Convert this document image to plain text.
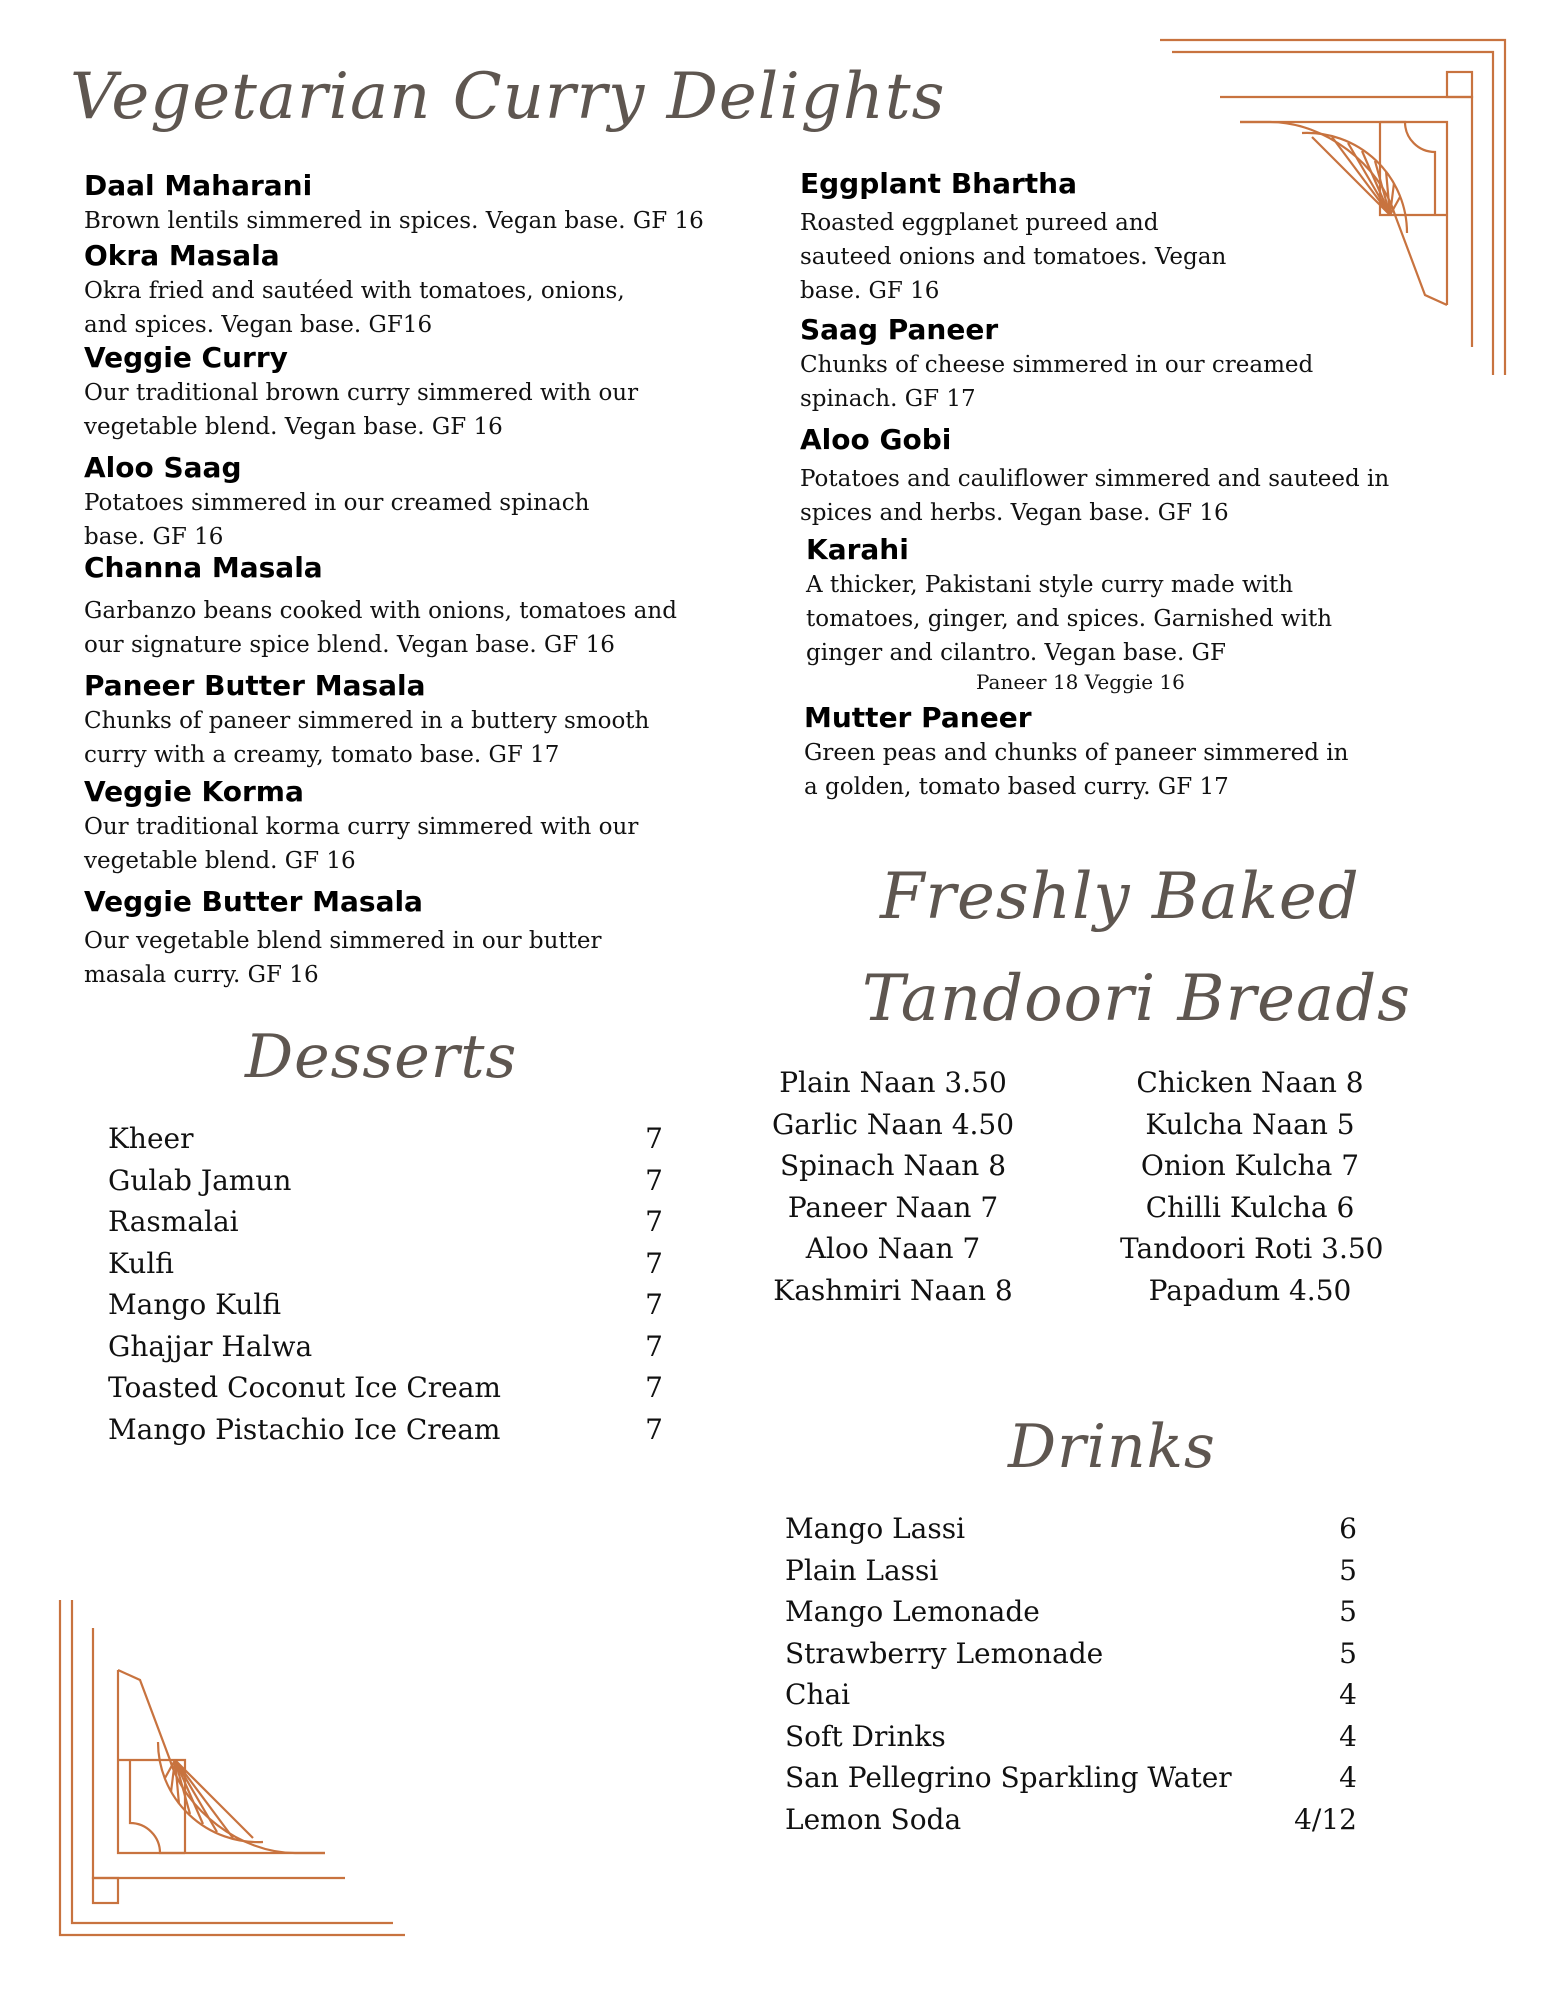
Vegetarian Curry Delights
Daal Maharani
Brown lentils simmered in spices. Vegan base. GF 16
Okra Masala
Okra fried and sautéed with tomatoes, onions,
and spices. Vegan base. GF16
Veggie Curry
Our traditional brown curry simmered with our
vegetable blend. Vegan base. GF 16
Aloo Saag
Potatoes simmered in our creamed spinach
base. GF 16
Channa Masala
Garbanzo beans cooked with onions, tomatoes and
our signature spice blend. Vegan base. GF 16
Paneer Butter Masala
Chunks of paneer simmered in a buttery smooth
curry with a creamy, tomato base. GF 17
Veggie Korma
Our traditional korma curry simmered with our
vegetable blend. GF 16
Veggie Butter Masala
Our vegetable blend simmered in our butter
masala curry. GF 16
Eggplant Bhartha
Roasted eggplanet pureed and
sauteed onions and tomatoes. Vegan
base. GF 16
Saag Paneer
Chunks of cheese simmered in our creamed
spinach. GF 17
Aloo Gobi
Potatoes and cauliflower simmered and sauteed in
spices and herbs. Vegan base. GF 16
Karahi
A thicker, Pakistani style curry made with
tomatoes, ginger, and spices. Garnished with
ginger and cilantro. Vegan base. GF
Paneer 18 Veggie 16
Mutter Paneer
Green peas and chunks of paneer simmered in
a golden, tomato based curry. GF 17
Desserts
Kheer	7
Gulab Jamun	7
Rasmalai	7
Kulfi	7
Mango Kulfi	7
Ghajjar Halwa	7
Toasted Coconut Ice Cream	7
Mango Pistachio Ice Cream	7
Freshly Baked
Tandoori Breads
Plain Naan 3.50	Chicken Naan 8
Garlic Naan 4.50	Kulcha Naan 5
Spinach Naan 8	Onion Kulcha 7
Paneer Naan 7	Chilli Kulcha 6
Aloo Naan 7	Tandoori Roti 3.50
Kashmiri Naan 8	Papadum 4.50
Drinks
Mango Lassi	6
Plain Lassi	5
Mango Lemonade	5
Strawberry Lemonade	5
Chai	4
Soft Drinks	4
San Pellegrino Sparkling Water	4
Lemon Soda	4/12
